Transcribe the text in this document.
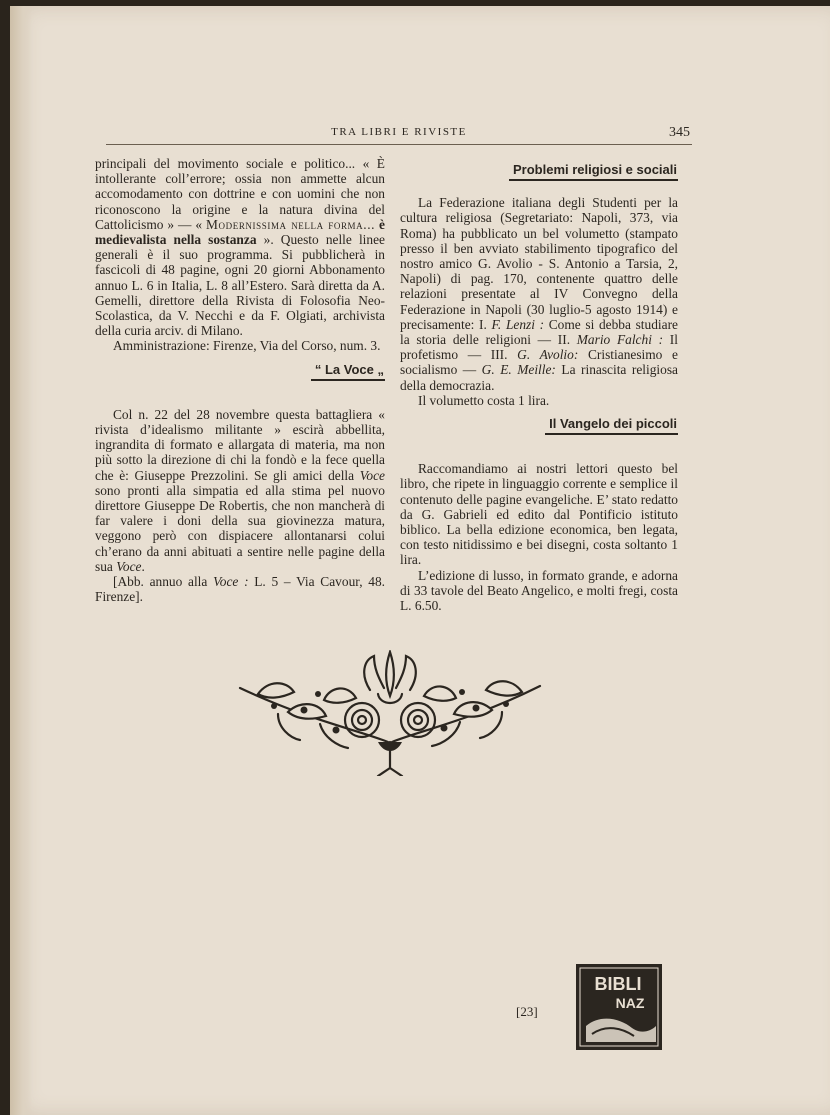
TRA LIBRI E RIVISTE	345

principali del movimento sociale e politico... « È intollerante coll’errore; ossia non ammette alcun accomodamento con dottrine e con uomini che non riconoscono la origine e la natura divina del Cattolicismo » — « Modernissima nella forma... è medievalista nella sostanza ». Questo nelle linee generali è il suo programma. Si pubblicherà in fascicoli di 48 pagine, ogni 20 giorni Abbonamento annuo L. 6 in Italia, L. 8 all’Estero. Sarà diretta da A. Gemelli, direttore della Rivista di Folosofia Neo-Scolastica, da V. Necchi e da F. Olgiati, archivista della curia arciv. di Milano.

Amministrazione: Firenze, Via del Corso, num. 3.

“ La Voce „

Col n. 22 del 28 novembre questa battagliera « rivista d’idealismo militante » escirà abbellita, ingrandita di formato e allargata di materia, ma non più sotto la direzione di chi la fondò e la fece quella che è: Giuseppe Prezzolini. Se gli amici della Voce sono pronti alla simpatia ed alla stima pel nuovo direttore Giuseppe De Robertis, che non mancherà di far valere i doni della sua giovinezza matura, veggono però con dispiacere allontanarsi colui ch’erano da anni abituati a sentire nelle pagine della sua Voce.

[Abb. annuo alla Voce : L. 5 – Via Cavour, 48. Firenze].

Problemi religiosi e sociali

La Federazione italiana degli Studenti per la cultura religiosa (Segretariato: Napoli, 373, via Roma) ha pubblicato un bel volumetto (stampato presso il ben avviato stabilimento tipografico del nostro amico G. Avolio - S. Antonio a Tarsia, 2, Napoli) di pag. 170, contenente quattro delle relazioni presentate al IV Convegno della Federazione in Napoli (30 luglio-5 agosto 1914) e precisamente: I. F. Lenzi : Come si debba studiare la storia delle religioni — II. Mario Falchi : Il profetismo — III. G. Avolio: Cristianesimo e socialismo — G. E. Meille: La rinascita religiosa della democrazia.

Il volumetto costa 1 lira.

Il Vangelo dei piccoli

Raccomandiamo ai nostri lettori questo bel libro, che ripete in linguaggio corrente e semplice il contenuto delle pagine evangeliche. E’ stato redatto da G. Gabrieli ed edito dal Pontificio istituto biblico. La bella edizione economica, ben legata, con testo nitidissimo e bei disegni, costa soltanto 1 lira.

L’edizione di lusso, in formato grande, e adorna di 33 tavole del Beato Angelico, e molti fregi, costa L. 6.50.

[23]
BIBLI
NAZ
